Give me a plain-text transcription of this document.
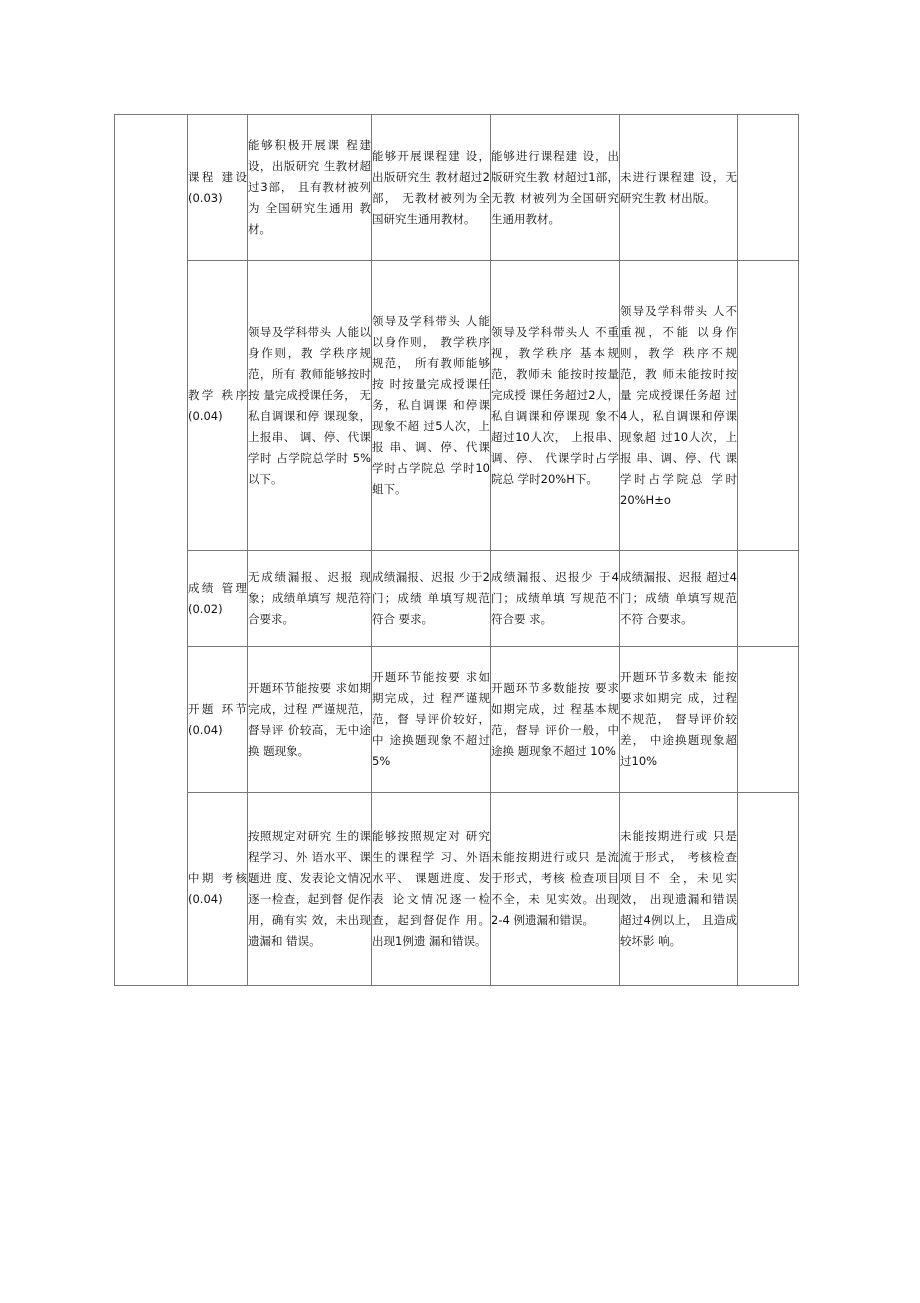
	课程 建设
(0.03)	能够积极开展课 程建设，出版研究 生教材超过3部， 且有教材被列为 全国研究生通用 教材。	能够开展课程建 设，出版研究生 教材超过2部， 无教材被列为全 国研究生通用教材。	能够进行课程建 设，出版研究生教 材超过1部，无教 材被列为全国研究 生通用教材。	未进行课程建 设，无研究生教 材出版。	

	教学 秩序
(0.04)	领导及学科带头 人能以身作则，教 学秩序规范，所有 教师能够按时按 量完成授课任务， 无私自调课和停 课现象，上报串、 调、停、代课学时 占学院总学时 5% 以下。	领导及学科带头 人能以身作则， 教学秩序规范， 所有教师能够按 时按量完成授课任务，私自调课 和停课现象不超 过5人次，上报 串、调、停、代课学时占学院总 学时10蛆下。	领导及学科带头人 不重视，教学秩序 基本规范，教师未 能按时按量完成授 课任务超过2人， 私自调课和停课现 象不超过10人次， 上报串、调、停、 代课学时占学院总 学时20%H下。	领导及学科带头 人不重视，不能 以身作则，教学 秩序不规范，教 师未能按时按量 完成授课任务超 过4人，私自调课和停课现象超 过10人次，上报 串、调、停、代 课学时占学院总 学时20%H±o	

	成绩 管理
(0.02)	无成绩漏报、迟报 现象；成绩单填写 规范符合要求。	成绩漏报、迟报 少于2门；成绩 单填写规范符合 要求。	成绩漏报、迟报少 于4门；成绩单填 写规范不符合要 求。	成绩漏报、迟报 超过4门；成绩 单填写规范不符 合要求。	

	开题 环节
(0.04)	开题环节能按要 求如期完成，过程 严谨规范，督导评 价较高，无中途换 题现象。	开题环节能按要 求如期完成，过 程严谨规范，督 导评价较好，中 途换题现象不超过5%	开题环节多数能按 要求如期完成，过 程基本规范，督导 评价一般，中途换 题现象不超过 10%	开题环节多数未 能按要求如期完 成，过程不规范， 督导评价较差， 中途换题现象超 过10%	

	中期 考核
(0.04)	按照规定对研究 生的课程学习、外 语水平、课题进 度、发表论文情况 逐一检查，起到督 促作用，确有实 效，未出现遗漏和 错误。	能够按照规定对 研究生的课程学 习、外语水平、 课题进度、发表 论文情况逐一检 查，起到督促作 用。出现1例遗 漏和错误。	未能按期进行或只 是流于形式，考核 检查项目不全，未 见实效。出现 2-4 例遗漏和错误。	未能按期进行或 只是流于形式， 考核检查项目不 全，未见实效， 出现遗漏和错误 超过4例以上， 且造成较坏影 响。	
